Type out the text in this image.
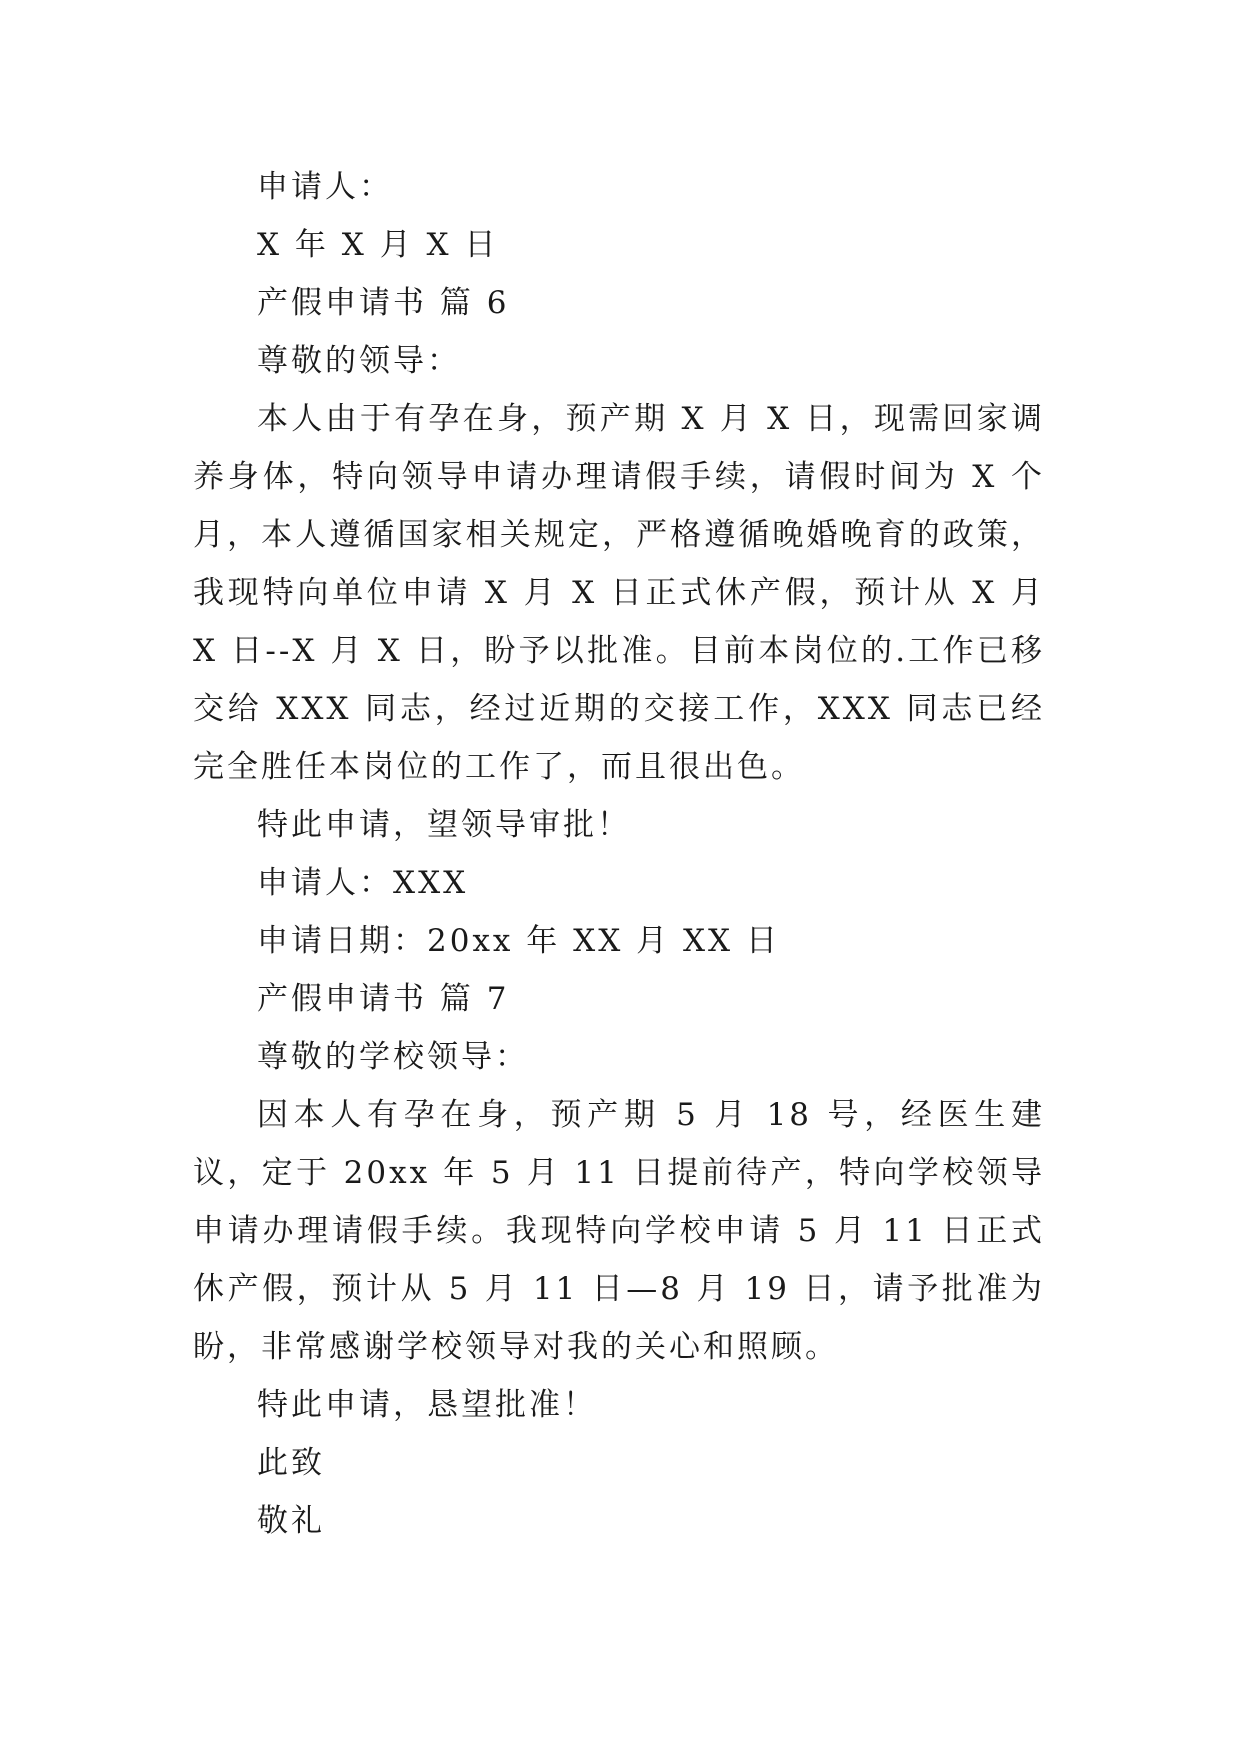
申请人：

X 年 X 月 X 日

产假申请书 篇 6

尊敬的领导：

本人由于有孕在身，预产期 X 月 X 日，现需回家调养身体，特向领导申请办理请假手续，请假时间为 X 个月，本人遵循国家相关规定，严格遵循晚婚晚育的政策，我现特向单位申请 X 月 X 日正式休产假，预计从 X 月 X 日--X 月 X 日，盼予以批准。目前本岗位的.工作已移交给 XXX 同志，经过近期的交接工作，XXX 同志已经完全胜任本岗位的工作了，而且很出色。

特此申请，望领导审批！

申请人：XXX

申请日期：20xx 年 XX 月 XX 日

产假申请书 篇 7

尊敬的学校领导：

因本人有孕在身，预产期 5 月 18 号，经医生建议，定于 20xx 年 5 月 11 日提前待产，特向学校领导申请办理请假手续。我现特向学校申请 5 月 11 日正式休产假，预计从 5 月 11 日—8 月 19 日，请予批准为盼，非常感谢学校领导对我的关心和照顾。

特此申请，恳望批准！

此致

敬礼
